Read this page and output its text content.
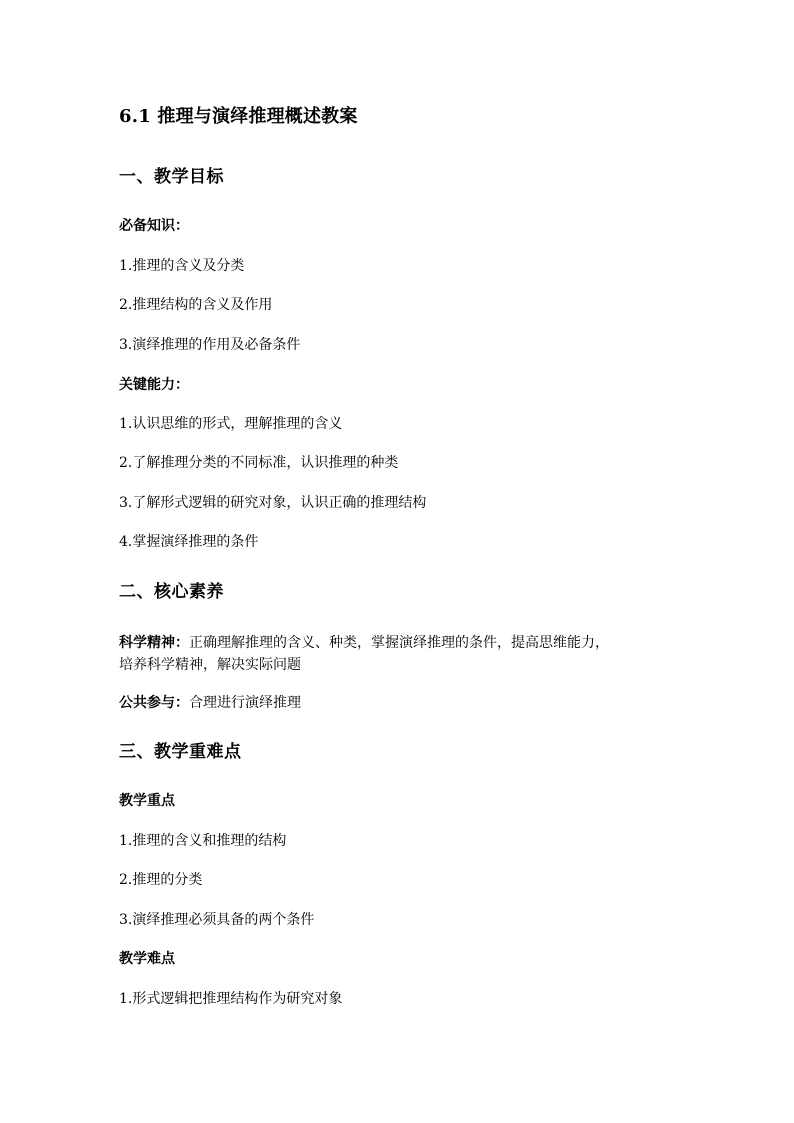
6.1 推理与演绎推理概述教案
一、教学目标
必备知识：
1.推理的含义及分类
2.推理结构的含义及作用
3.演绎推理的作用及必备条件
关键能力：
1.认识思维的形式，理解推理的含义
2.了解推理分类的不同标准，认识推理的种类
3.了解形式逻辑的研究对象，认识正确的推理结构
4.掌握演绎推理的条件
二、核心素养
科学精神：正确理解推理的含义、种类，掌握演绎推理的条件，提高思维能力，
培养科学精神，解决实际问题
公共参与：合理进行演绎推理
三、教学重难点
教学重点
1.推理的含义和推理的结构
2.推理的分类
3.演绎推理必须具备的两个条件
教学难点
1.形式逻辑把推理结构作为研究对象
